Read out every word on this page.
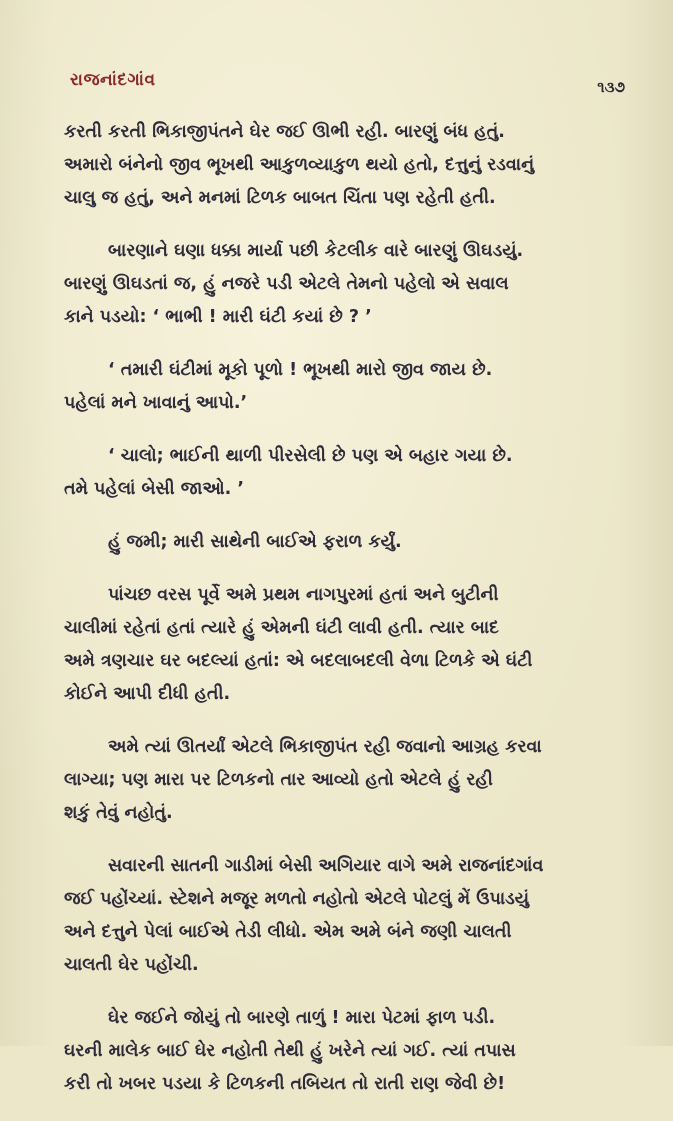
રાજનાંદગાંવ	૧૩૭

કરતી કરતી ભિકાજીપંતને ઘેર જઈ ઊભી રહી. બારણું બંધ હતું.
અમારો બંનેનો જીવ ભૂખથી આકુળવ્યાકુળ થયો હતો, દત્તુનું રડવાનું
ચાલુ જ હતું, અને મનમાં ટિળક બાબત ચિંતા પણ રહેતી હતી.

બારણાને ઘણા ધક્કા માર્યા પછી કેટલીક વારે બારણું ઊઘડયું.
બારણું ઊઘડતાં જ, હું નજરે પડી એટલે તેમનો પહેલો એ સવાલ
કાને પડયો: ‘ ભાભી ! મારી ઘંટી કયાં છે ? ’

‘ તમારી ઘંટીમાં મૂકો પૂળો ! ભૂખથી મારો જીવ જાય છે.
પહેલાં મને ખાવાનું આપો.’

‘ ચાલો; ભાઈની થાળી પીરસેલી છે પણ એ બહાર ગયા છે.
તમે પહેલાં બેસી જાઓ. ’

હું જમી; મારી સાથેની બાઈએ ફરાળ કર્યું.

પાંચછ વરસ પૂર્વે અમે પ્રથમ નાગપુરમાં હતાં અને બુટીની
ચાલીમાં રહેતાં હતાં ત્યારે હું એમની ઘંટી લાવી હતી. ત્યાર બાદ
અમે ત્રણચાર ઘર બદલ્યાં હતાં: એ બદલાબદલી વેળા ટિળકે એ ઘંટી
કોઈને આપી દીધી હતી.

અમે ત્યાં ઊતર્યાં એટલે ભિકાજીપંત રહી જવાનો આગ્રહ કરવા
લાગ્યા; પણ મારા પર ટિળકનો તાર આવ્યો હતો એટલે હું રહી
શકું તેવું નહોતું.

સવારની સાતની ગાડીમાં બેસી અગિયાર વાગે અમે રાજનાંદગાંવ
જઈ પહોંચ્યાં. સ્ટેશને મજૂર મળતો નહોતો એટલે પોટલું મેં ઉપાડયું
અને દત્તુને પેલાં બાઈએ તેડી લીધો. એમ અમે બંને જણી ચાલતી
ચાલતી ઘેર પહોંચી.

ઘેર જઈને જોયું તો બારણે તાળું ! મારા પેટમાં ફાળ પડી.
ઘરની માલેક બાઈ ઘેર નહોતી તેથી હું ખરેને ત્યાં ગઈ. ત્યાં તપાસ
કરી તો ખબર પડયા કે ટિળકની તબિયત તો રાતી રાણ જેવી છે!
